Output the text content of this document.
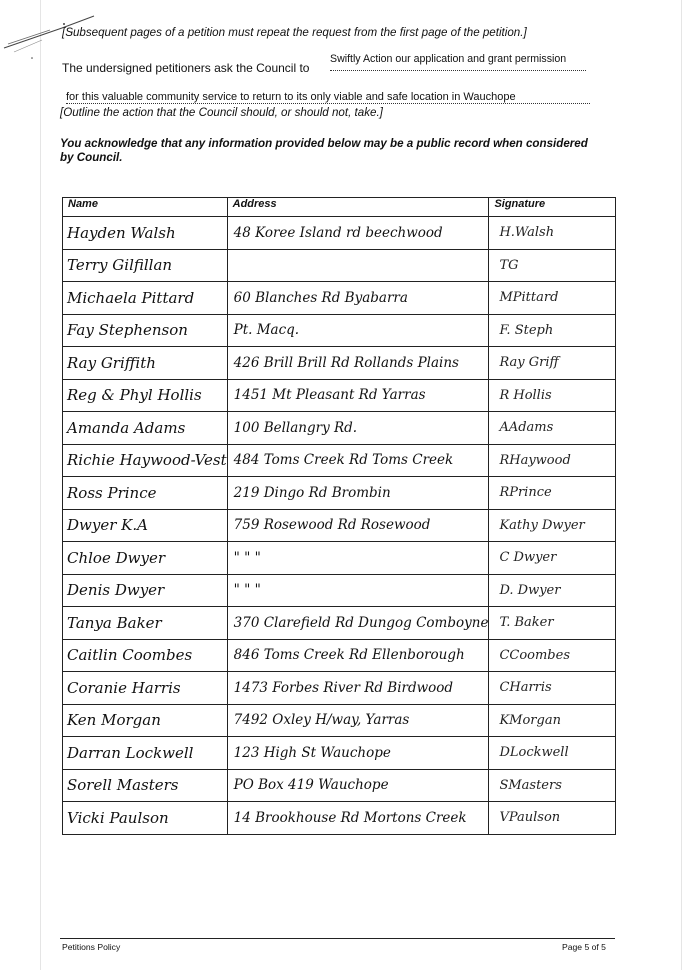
[Subsequent pages of a petition must repeat the request from the first page of the petition.]
The undersigned petitioners ask the Council to
Swiftly Action our application and grant permission
for this valuable community service to return to its only viable and safe location in Wauchope
[Outline the action that the Council should, or should not, take.]
You acknowledge that any information provided below may be a public record when considered by Council.
Name	Address	Signature

Hayden Walsh	48 Koree Island rd beechwood	H.Walsh

Terry Gilfillan		TG

Michaela Pittard	60 Blanches Rd Byabarra	MPittard

Fay Stephenson	Pt. Macq.	F. Steph

Ray Griffith	426 Brill Brill Rd Rollands Plains	Ray Griff

Reg & Phyl Hollis	1451 Mt Pleasant Rd Yarras	R Hollis

Amanda Adams	100 Bellangry Rd.	AAdams

Richie Haywood-Vest	484 Toms Creek Rd Toms Creek	RHaywood

Ross Prince	219 Dingo Rd Brombin	RPrince

Dwyer K.A	759 Rosewood Rd Rosewood	Kathy Dwyer

Chloe Dwyer	" " "	C Dwyer

Denis Dwyer	" " "	D. Dwyer

Tanya Baker	370 Clarefield Rd Dungog Comboyne	T. Baker

Caitlin Coombes	846 Toms Creek Rd Ellenborough	CCoombes

Coranie Harris	1473 Forbes River Rd Birdwood	CHarris

Ken Morgan	7492 Oxley H/way, Yarras	KMorgan

Darran Lockwell	123 High St Wauchope	DLockwell

Sorell Masters	PO Box 419 Wauchope	SMasters

Vicki Paulson	14 Brookhouse Rd Mortons Creek	VPaulson
Petitions Policy	Page 5 of 5
